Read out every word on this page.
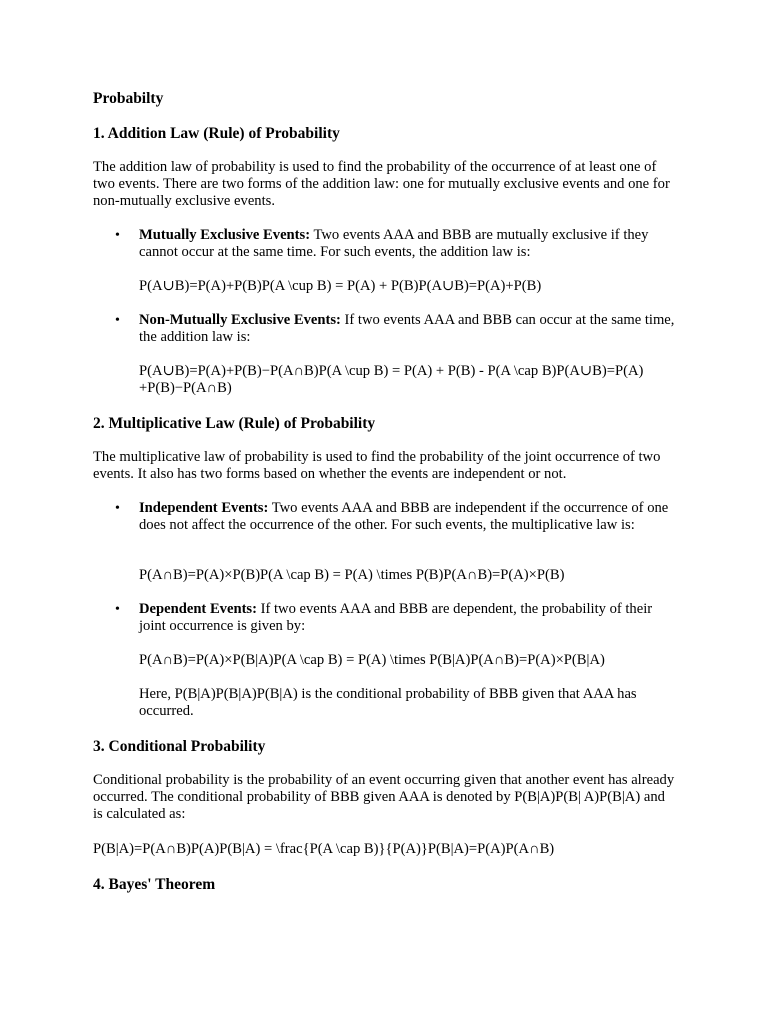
Probabilty
1. Addition Law (Rule) of Probability
The addition law of probability is used to find the probability of the occurrence of at least one of two events. There are two forms of the addition law: one for mutually exclusive events and one for non-mutually exclusive events.
• Mutually Exclusive Events: Two events AAA and BBB are mutually exclusive if they cannot occur at the same time. For such events, the addition law is:
P(A∪B)=P(A)+P(B)P(A \cup B) = P(A) + P(B)P(A∪B)=P(A)+P(B)
• Non-Mutually Exclusive Events: If two events AAA and BBB can occur at the same time, the addition law is:
P(A∪B)=P(A)+P(B)−P(A∩B)P(A \cup B) = P(A) + P(B) - P(A \cap B)P(A∪B)=P(A) +P(B)−P(A∩B)
2. Multiplicative Law (Rule) of Probability
The multiplicative law of probability is used to find the probability of the joint occurrence of two events. It also has two forms based on whether the events are independent or not.
• Independent Events: Two events AAA and BBB are independent if the occurrence of one does not affect the occurrence of the other. For such events, the multiplicative law is:
P(A∩B)=P(A)×P(B)P(A \cap B) = P(A) \times P(B)P(A∩B)=P(A)×P(B)
• Dependent Events: If two events AAA and BBB are dependent, the probability of their joint occurrence is given by:
P(A∩B)=P(A)×P(B|A)P(A \cap B) = P(A) \times P(B|A)P(A∩B)=P(A)×P(B|A)
Here, P(B|A)P(B|A)P(B|A) is the conditional probability of BBB given that AAA has occurred.
3. Conditional Probability
Conditional probability is the probability of an event occurring given that another event has already occurred. The conditional probability of BBB given AAA is denoted by P(B|A)P(B| A)P(B|A) and is calculated as:
P(B|A)=P(A∩B)P(A)P(B|A) = \frac{P(A \cap B)}{P(A)}P(B|A)=P(A)P(A∩B)
4. Bayes' Theorem
